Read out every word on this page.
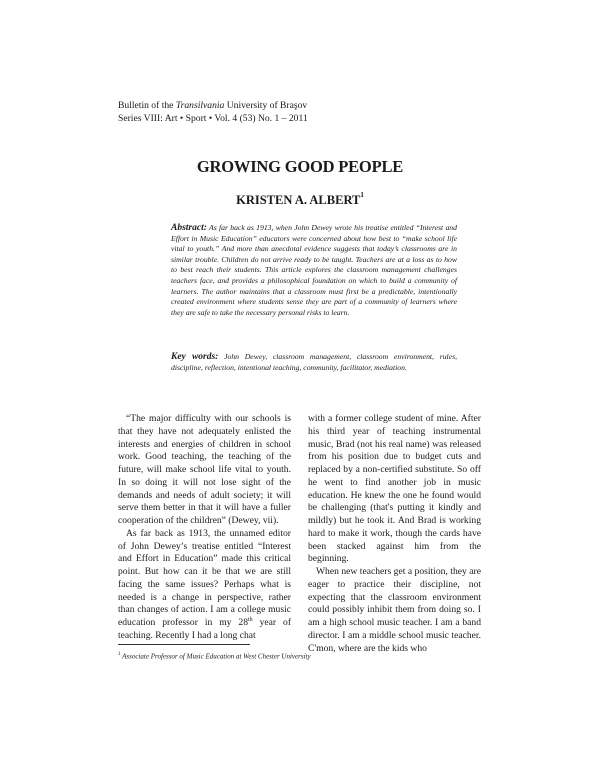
Bulletin of the Transilvania University of Braşov
Series VIII: Art • Sport • Vol. 4 (53) No. 1 – 2011
GROWING GOOD PEOPLE
KRISTEN A. ALBERT$^1$
Abstract: As far back as 1913, when John Dewey wrote his treatise entitled “Interest and Effort in Music Education” educators were concerned about how best to “make school life vital to youth.” And more than anecdotal evidence suggests that today’s classrooms are in similar trouble. Children do not arrive ready to be taught. Teachers are at a loss as to how to best reach their students. This article explores the classroom management challenges teachers face, and provides a philosophical foundation on which to build a community of learners. The author maintains that a classroom must first be a predictable, intentionally created environment where students sense they are part of a community of learners where they are safe to take the necessary personal risks to learn.
Key words: John Dewey, classroom management, classroom environment, rules, discipline, reflection, intentional teaching, community, facilitator, mediation.

“The major difficulty with our schools is that they have not adequately enlisted the interests and energies of children in school work. Good teaching, the teaching of the future, will make school life vital to youth. In so doing it will not lose sight of the demands and needs of adult society; it will serve them better in that it will have a fuller cooperation of the children” (Dewey, vii).

As far back as 1913, the unnamed editor of John Dewey’s treatise entitled “Interest and Effort in Education” made this critical point. But how can it be that we are still facing the same issues? Perhaps what is needed is a change in perspective, rather than changes of action. I am a college music education professor in my 28th year of teaching. Recently I had a long chat

with a former college student of mine. After his third year of teaching instrumental music, Brad (not his real name) was released from his position due to budget cuts and replaced by a non-certified substitute. So off he went to find another job in music education. He knew the one he found would be challenging (that's putting it kindly and mildly) but he took it. And Brad is working hard to make it work, though the cards have been stacked against him from the beginning.

When new teachers get a position, they are eager to practice their discipline, not expecting that the classroom environment could possibly inhibit them from doing so. I am a high school music teacher. I am a band director. I am a middle school music teacher. C'mon, where are the kids who

$^1$ Associate Professor of Music Education at West Chester University
